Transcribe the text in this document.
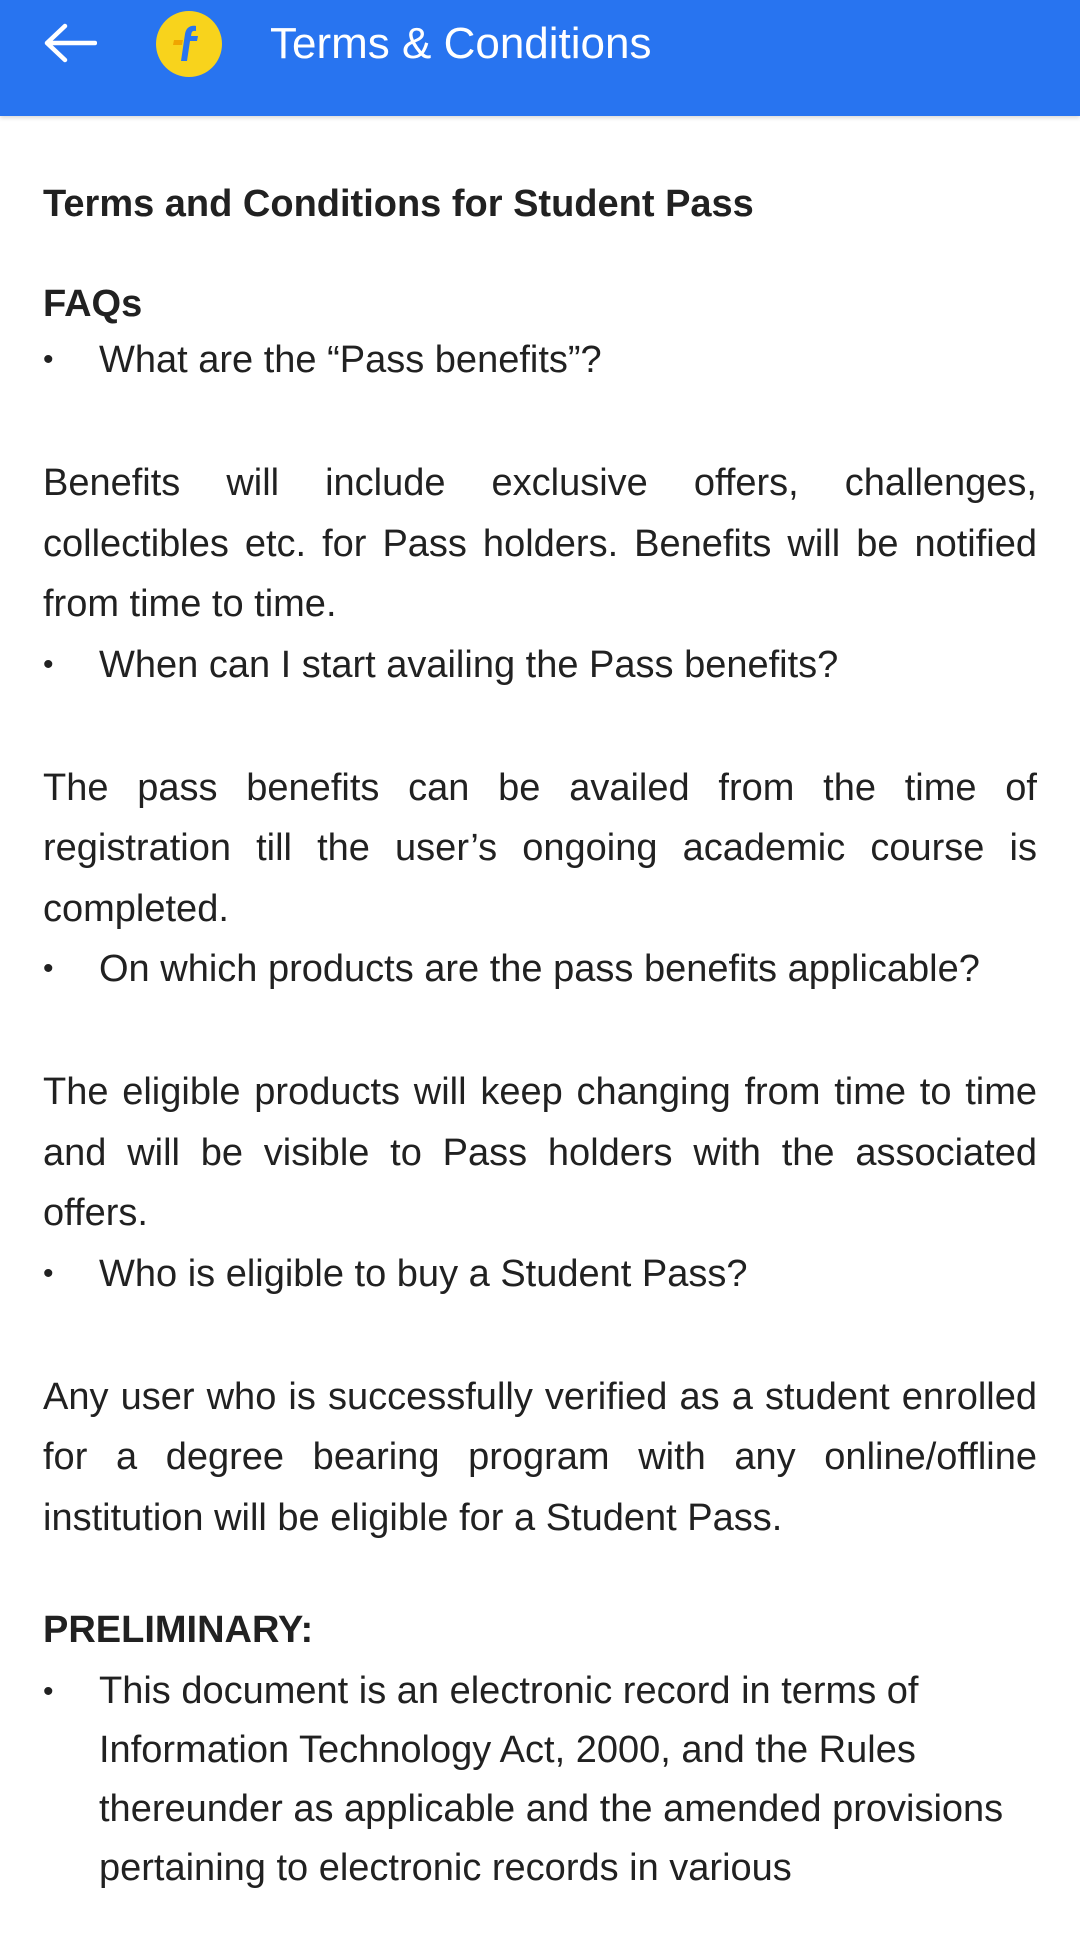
Terms & Conditions
Terms and Conditions for Student Pass
FAQs
•	What are the “Pass benefits”?
Benefits will include exclusive offers, challenges, collectibles etc. for Pass holders. Benefits will be notified from time to time.
•	When can I start availing the Pass benefits?
The pass benefits can be availed from the time of registration till the user’s ongoing academic course is completed.
•	On which products are the pass benefits applicable?
The eligible products will keep changing from time to time and will be visible to Pass holders with the associated offers.
•	Who is eligible to buy a Student Pass?
Any user who is successfully verified as a student enrolled for a degree bearing program with any online/offline institution will be eligible for a Student Pass.
PRELIMINARY:
•	This document is an electronic record in terms of Information Technology Act, 2000, and the Rules thereunder as applicable and the amended provisions pertaining to electronic records in various
